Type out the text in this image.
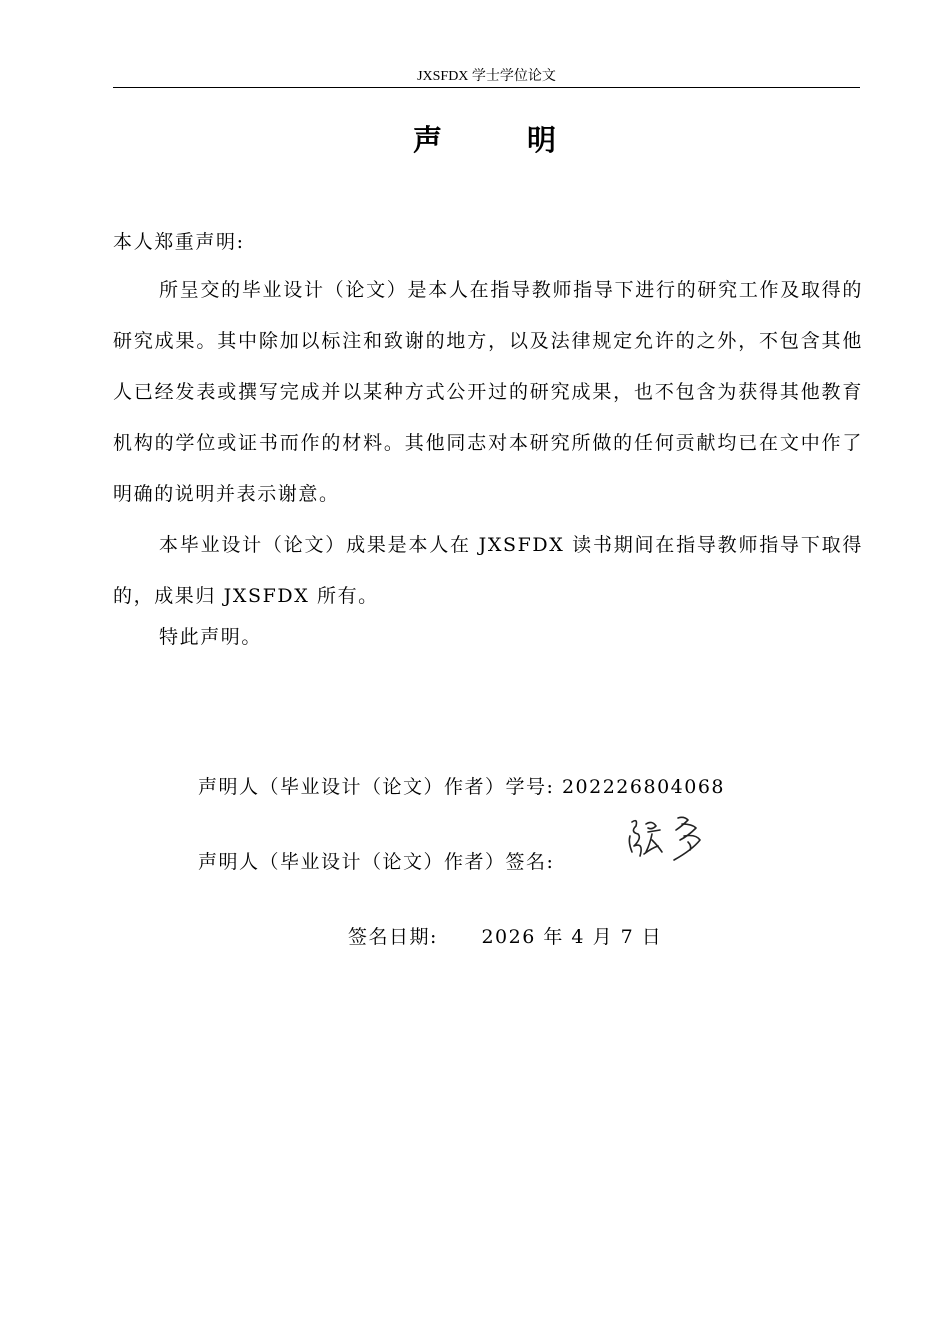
JXSFDX 学士学位论文
声	明

本人郑重声明:

所呈交的毕业设计（论文）是本人在指导教师指导下进行的研究工作及取得的研究成果。其中除加以标注和致谢的地方，以及法律规定允许的之外，不包含其他人已经发表或撰写完成并以某种方式公开过的研究成果，也不包含为获得其他教育机构的学位或证书而作的材料。其他同志对本研究所做的任何贡献均已在文中作了明确的说明并表示谢意。

本毕业设计（论文）成果是本人在 JXSFDX 读书期间在指导教师指导下取得的，成果归 JXSFDX 所有。

特此声明。

声明人（毕业设计（论文）作者）学号: 202226804068
声明人（毕业设计（论文）作者）签名:
签名日期: 2026 年 4 月 7 日
